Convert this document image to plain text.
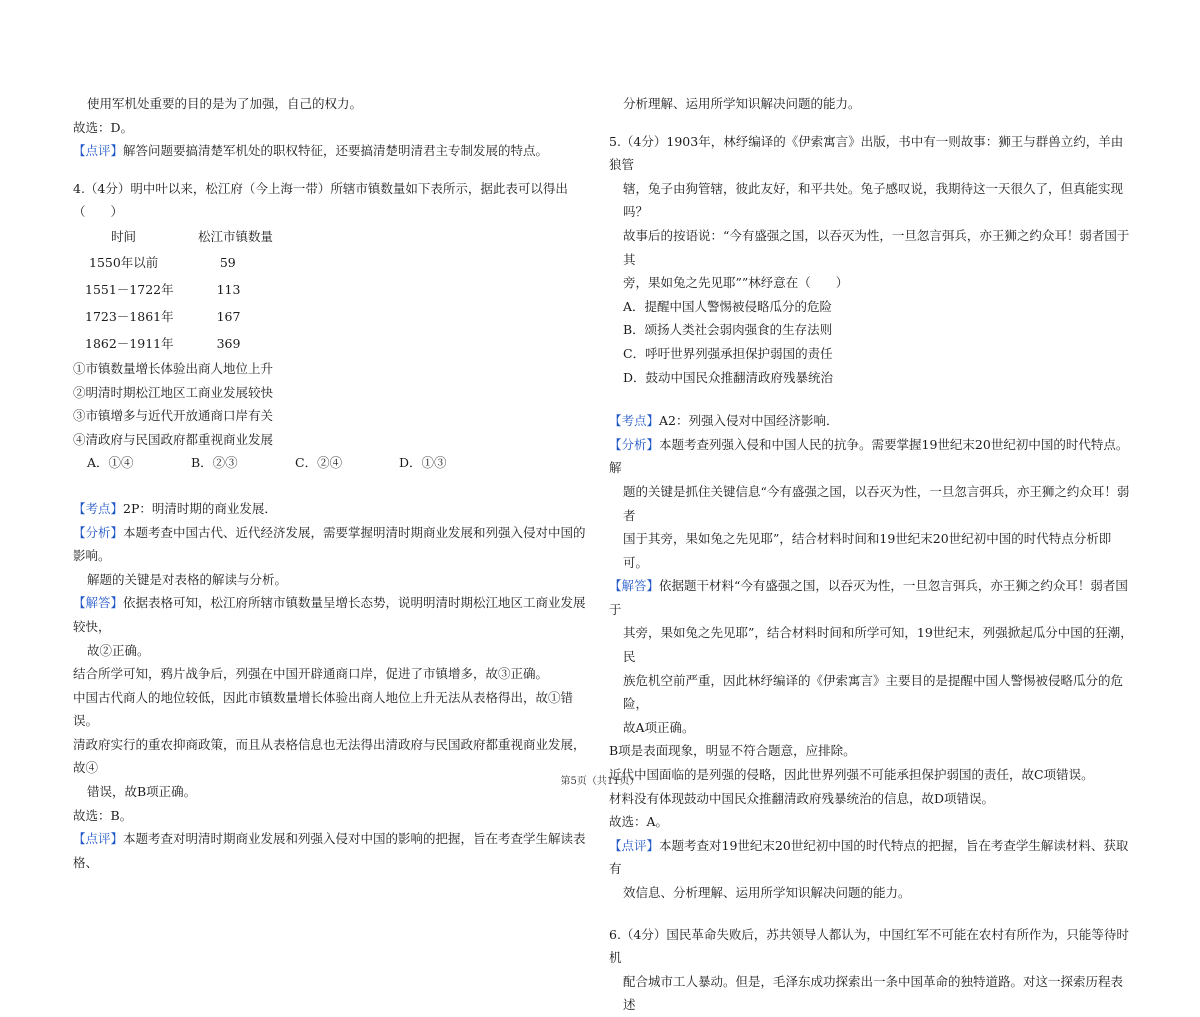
使用军机处重要的目的是为了加强，自己的权力。

故选：D。

【点评】解答问题要搞清楚军机处的职权特征，还要搞清楚明清君主专制发展的特点。

4.（4分）明中叶以来，松江府（今上海一带）所辖市镇数量如下表所示，据此表可以得出（　　）

时间	松江市镇数量
1550年以前	59
1551－1722年	113
1723－1861年	167
1862－1911年	369

①市镇数量增长体验出商人地位上升

②明清时期松江地区工商业发展较快

③市镇增多与近代开放通商口岸有关

④清政府与民国政府都重视商业发展

A．①④	B．②③	C．②④	D．①③

【考点】2P：明清时期的商业发展．

【分析】本题考查中国古代、近代经济发展，需要掌握明清时期商业发展和列强入侵对中国的影响。

解题的关键是对表格的解读与分析。

【解答】依据表格可知，松江府所辖市镇数量呈增长态势，说明明清时期松江地区工商业发展较快，

故②正确。

结合所学可知，鸦片战争后，列强在中国开辟通商口岸，促进了市镇增多，故③正确。

中国古代商人的地位较低，因此市镇数量增长体验出商人地位上升无法从表格得出，故①错误。

清政府实行的重农抑商政策，而且从表格信息也无法得出清政府与民国政府都重视商业发展，故④

错误，故B项正确。

故选：B。

【点评】本题考查对明清时期商业发展和列强入侵对中国的影响的把握，旨在考查学生解读表格、

分析理解、运用所学知识解决问题的能力。

5.（4分）1903年，林纾编译的《伊索寓言》出版，书中有一则故事：狮王与群兽立约，羊由狼管

辖，兔子由狗管辖，彼此友好，和平共处。兔子感叹说，我期待这一天很久了，但真能实现吗？

故事后的按语说：“今有盛强之国，以吞灭为性，一旦忽言弭兵，亦王狮之约众耳！弱者国于其

旁，果如兔之先见耶””林纾意在（　　）

A．提醒中国人警惕被侵略瓜分的危险

B．颂扬人类社会弱肉强食的生存法则

C．呼吁世界列强承担保护弱国的责任

D．鼓动中国民众推翻清政府残暴统治

【考点】A2：列强入侵对中国经济影响．

【分析】本题考查列强入侵和中国人民的抗争。需要掌握19世纪末20世纪初中国的时代特点。解

题的关键是抓住关键信息“今有盛强之国，以吞灭为性，一旦忽言弭兵，亦王狮之约众耳！弱者

国于其旁，果如兔之先见耶”，结合材料时间和19世纪末20世纪初中国的时代特点分析即可。

【解答】依据题干材料“今有盛强之国，以吞灭为性，一旦忽言弭兵，亦王狮之约众耳！弱者国于

其旁，果如兔之先见耶”，结合材料时间和所学可知，19世纪末，列强掀起瓜分中国的狂潮，民

族危机空前严重，因此林纾编译的《伊索寓言》主要目的是提醒中国人警惕被侵略瓜分的危险，

故A项正确。

B项是表面现象，明显不符合题意，应排除。

近代中国面临的是列强的侵略，因此世界列强不可能承担保护弱国的责任，故C项错误。

材料没有体现鼓动中国民众推翻清政府残暴统治的信息，故D项错误。

故选：A。

【点评】本题考查对19世纪末20世纪初中国的时代特点的把握，旨在考查学生解读材料、获取有

效信息、分析理解、运用所学知识解决问题的能力。

6.（4分）国民革命失败后，苏共领导人都认为，中国红军不可能在农村有所作为，只能等待时机

配合城市工人暴动。但是，毛泽东成功探索出一条中国革命的独特道路。对这一探索历程表述

第5页（共11页）
